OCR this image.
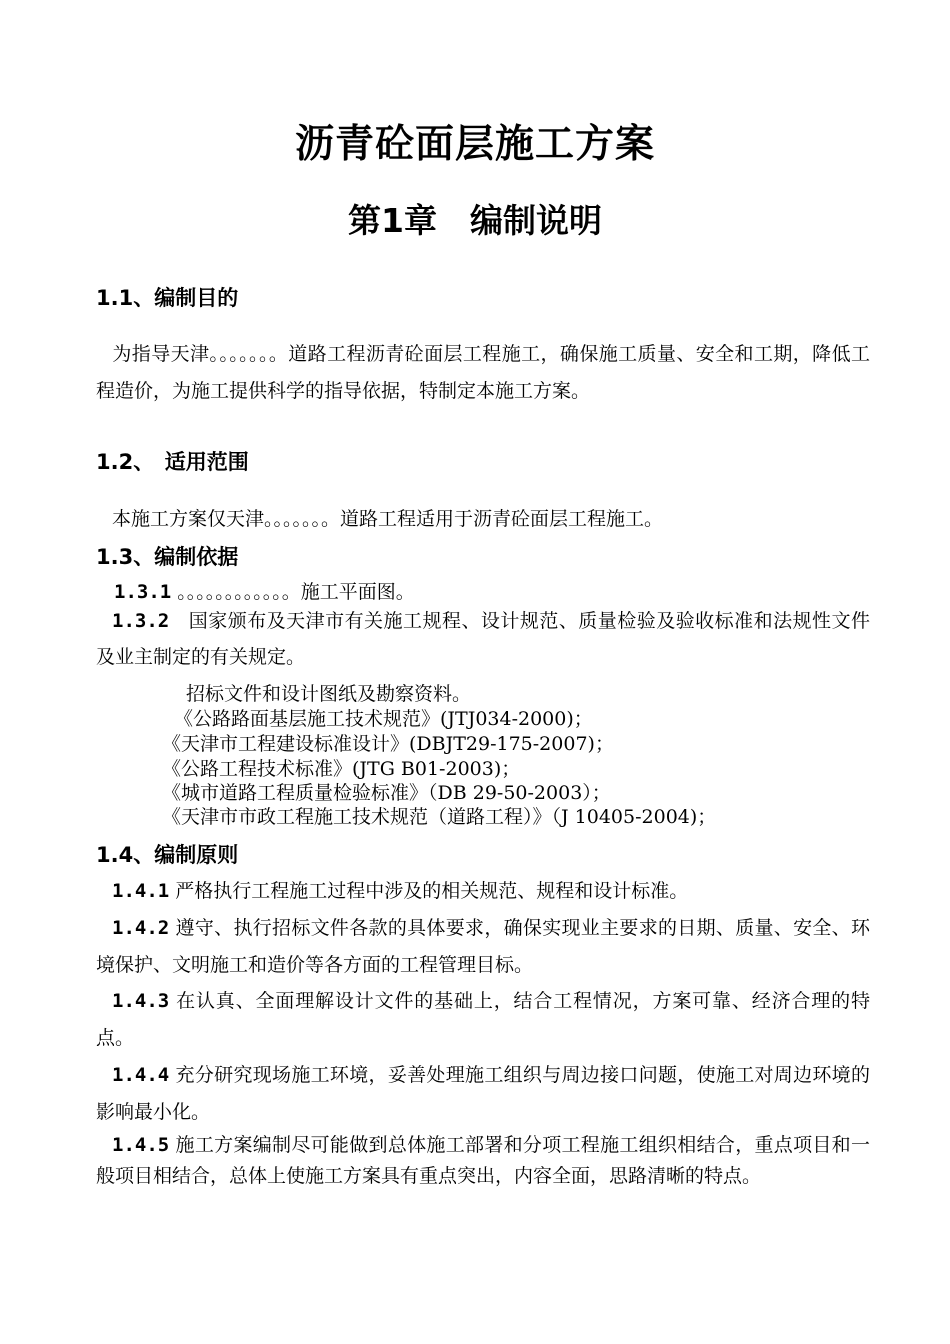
沥青砼面层施工方案
第1章　编制说明
1.1、编制目的
为指导天津。。。。。。。道路工程沥青砼面层工程施工，确保施工质量、安全和工期，降低工程造价，为施工提供科学的指导依据，特制定本施工方案。
1.2、　适用范围
本施工方案仅天津。。。。。。。道路工程适用于沥青砼面层工程施工。
1.3、编制依据
1.3.1 。。。。。。。。。。。。施工平面图。
1.3.2 国家颁布及天津市有关施工规程、设计规范、质量检验及验收标准和法规性文件及业主制定的有关规定。
招标文件和设计图纸及勘察资料。
《公路路面基层施工技术规范》(JTJ034-2000)；
《天津市工程建设标准设计》(DBJT29-175-2007)；
《公路工程技术标准》(JTG B01-2003)；
《城市道路工程质量检验标准》（DB 29-50-2003）；
《天津市市政工程施工技术规范（道路工程）》（J 10405-2004)；
1.4、编制原则
1.4.1 严格执行工程施工过程中涉及的相关规范、规程和设计标准。
1.4.2 遵守、执行招标文件各款的具体要求，确保实现业主要求的日期、质量、安全、环境保护、文明施工和造价等各方面的工程管理目标。
1.4.3 在认真、全面理解设计文件的基础上，结合工程情况，方案可靠、经济合理的特点。
1.4.4 充分研究现场施工环境，妥善处理施工组织与周边接口问题，使施工对周边环境的影响最小化。
1.4.5 施工方案编制尽可能做到总体施工部署和分项工程施工组织相结合，重点项目和一般项目相结合，总体上使施工方案具有重点突出，内容全面，思路清晰的特点。
